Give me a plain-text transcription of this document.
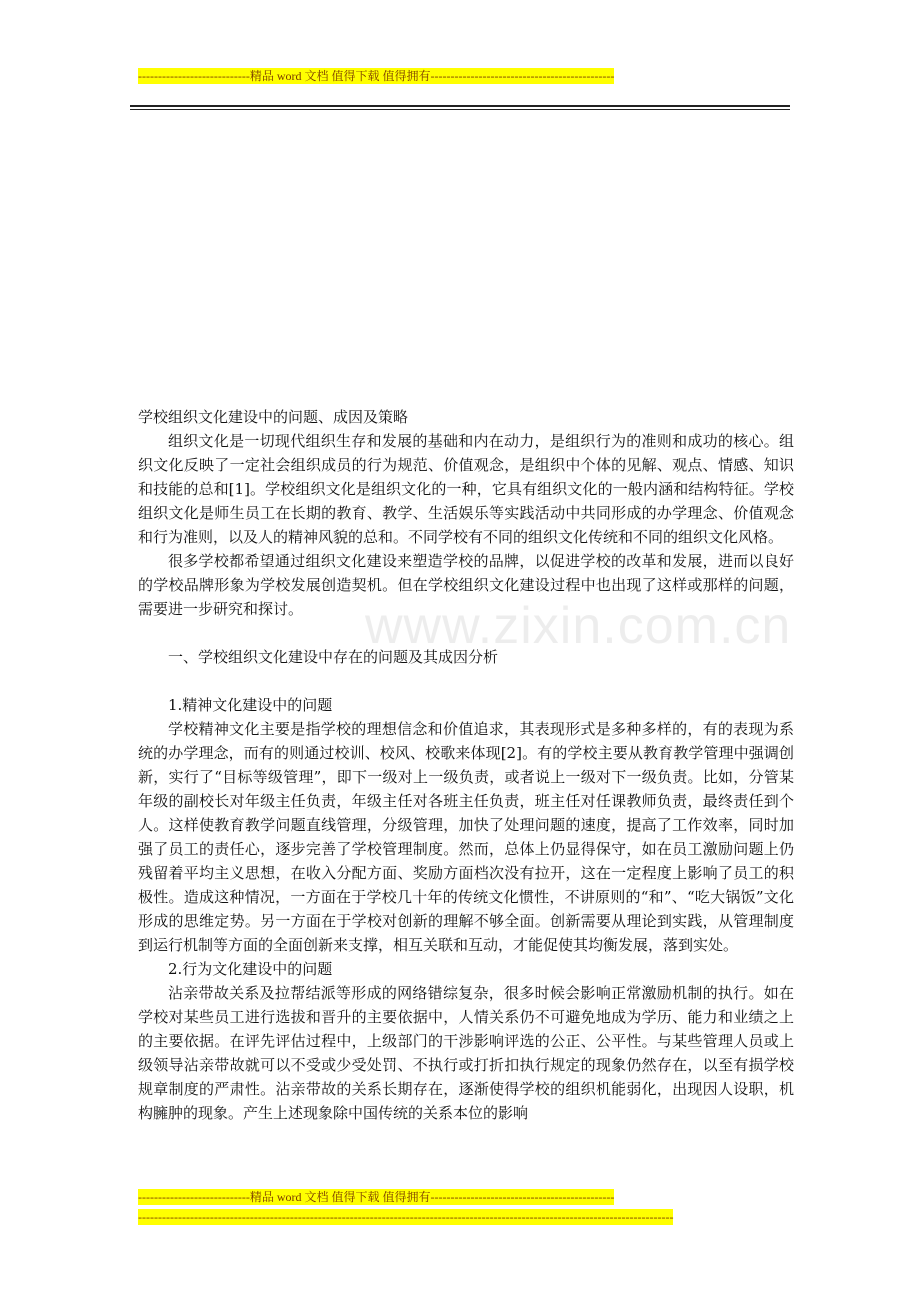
----------------------------精品 word 文档 值得下载 值得拥有----------------------------------------------
www.zixin.com.cn

学校组织文化建设中的问题、成因及策略

组织文化是一切现代组织生存和发展的基础和内在动力，是组织行为的准则和成功的核心。组织文化反映了一定社会组织成员的行为规范、价值观念，是组织中个体的见解、观点、情感、知识和技能的总和[1]。学校组织文化是组织文化的一种，它具有组织文化的一般内涵和结构特征。学校组织文化是师生员工在长期的教育、教学、生活娱乐等实践活动中共同形成的办学理念、价值观念和行为准则，以及人的精神风貌的总和。不同学校有不同的组织文化传统和不同的组织文化风格。

很多学校都希望通过组织文化建设来塑造学校的品牌，以促进学校的改革和发展，进而以良好的学校品牌形象为学校发展创造契机。但在学校组织文化建设过程中也出现了这样或那样的问题，需要进一步研究和探讨。

一、学校组织文化建设中存在的问题及其成因分析

1.精神文化建设中的问题

学校精神文化主要是指学校的理想信念和价值追求，其表现形式是多种多样的，有的表现为系统的办学理念，而有的则通过校训、校风、校歌来体现[2]。有的学校主要从教育教学管理中强调创新，实行了“目标等级管理”，即下一级对上一级负责，或者说上一级对下一级负责。比如，分管某年级的副校长对年级主任负责，年级主任对各班主任负责，班主任对任课教师负责，最终责任到个人。这样使教育教学问题直线管理，分级管理，加快了处理问题的速度，提高了工作效率，同时加强了员工的责任心，逐步完善了学校管理制度。然而，总体上仍显得保守，如在员工激励问题上仍残留着平均主义思想，在收入分配方面、奖励方面档次没有拉开，这在一定程度上影响了员工的积极性。造成这种情况，一方面在于学校几十年的传统文化惯性，不讲原则的“和”、“吃大锅饭”文化形成的思维定势。另一方面在于学校对创新的理解不够全面。创新需要从理论到实践，从管理制度到运行机制等方面的全面创新来支撑，相互关联和互动，才能促使其均衡发展，落到实处。

2.行为文化建设中的问题

沾亲带故关系及拉帮结派等形成的网络错综复杂，很多时候会影响正常激励机制的执行。如在学校对某些员工进行选拔和晋升的主要依据中，人情关系仍不可避免地成为学历、能力和业绩之上的主要依据。在评先评估过程中，上级部门的干涉影响评选的公正、公平性。与某些管理人员或上级领导沾亲带故就可以不受或少受处罚、不执行或打折扣执行规定的现象仍然存在，以至有损学校规章制度的严肃性。沾亲带故的关系长期存在，逐渐使得学校的组织机能弱化，出现因人设职，机构臃肿的现象。产生上述现象除中国传统的关系本位的影响

----------------------------精品 word 文档 值得下载 值得拥有----------------------------------------------
--------------------------------------------------------------------------------------------------------------------------------------
